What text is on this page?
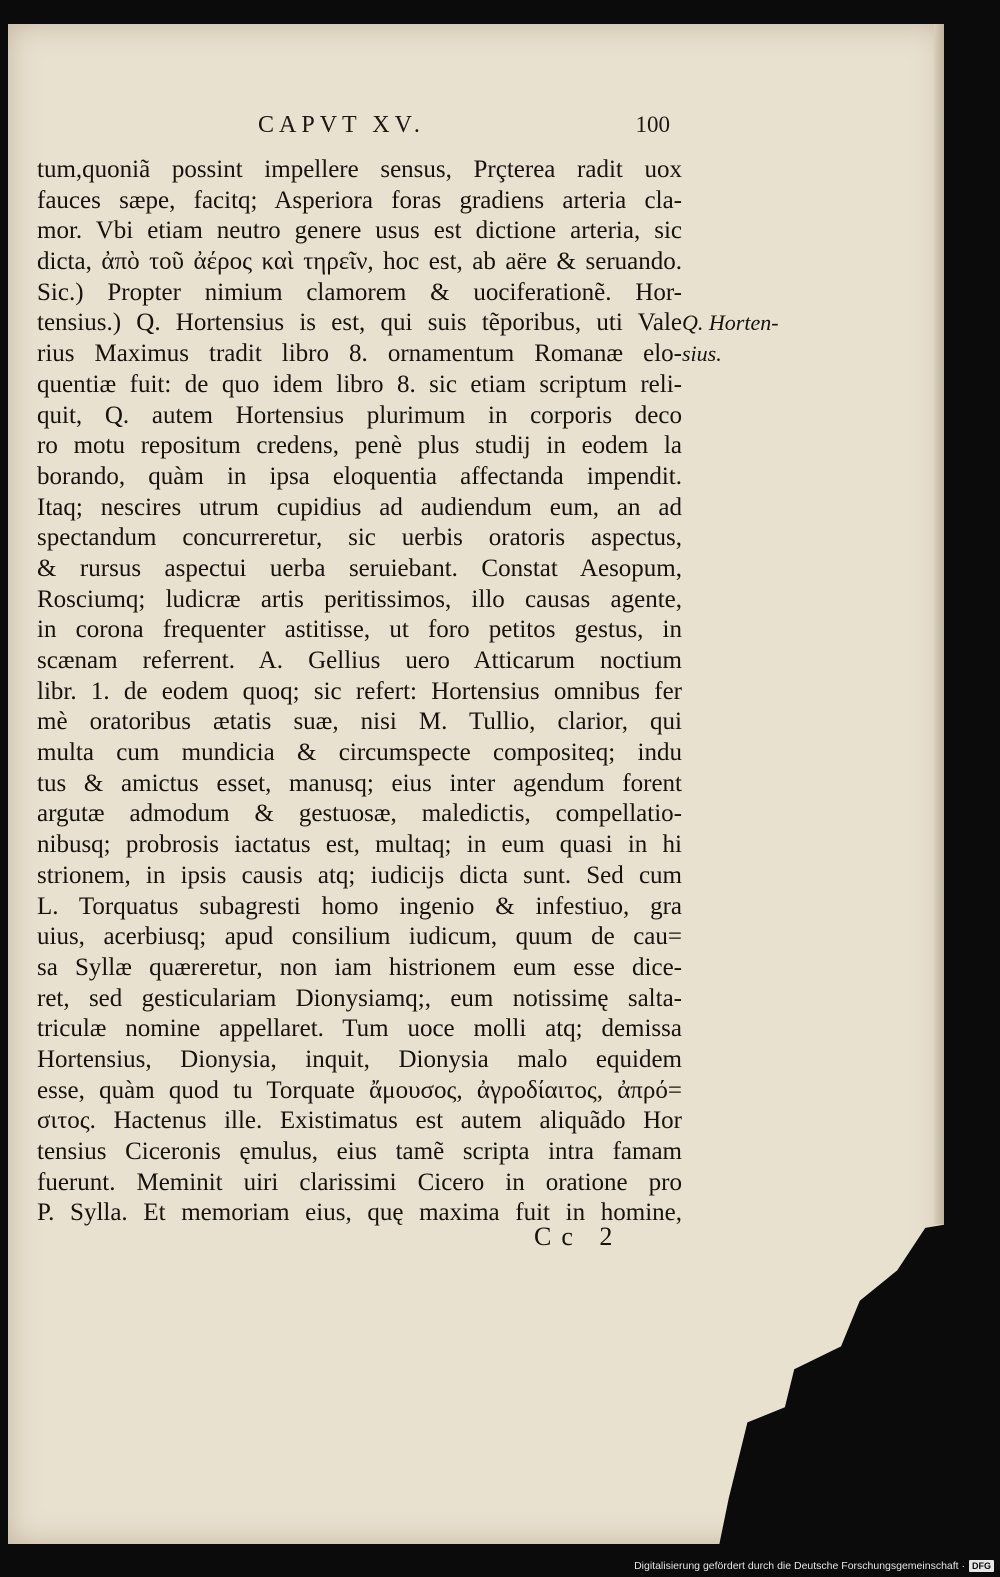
CAPVT XV.	100
tum,quoniã possint impellere sensus, Prçterea radit uox
fauces sæpe, facitq; Asperiora foras gradiens arteria cla-
mor. Vbi etiam neutro genere usus est dictione arteria, sic
dicta, ἀπὸ τοῦ ἀέρος καὶ τηρεῖν, hoc est, ab aëre & seruando.
Sic.) Propter nimium clamorem & uociferationẽ. Hor-
tensius.) Q. Hortensius is est, qui suis tẽporibus, uti Vale
rius Maximus tradit libro 8. ornamentum Romanæ elo-
quentiæ fuit: de quo idem libro 8. sic etiam scriptum reli-
quit, Q. autem Hortensius plurimum in corporis deco
ro motu repositum credens, penè plus studij in eodem la
borando, quàm in ipsa eloquentia affectanda impendit.
Itaq; nescires utrum cupidius ad audiendum eum, an ad
spectandum concurreretur, sic uerbis oratoris aspectus,
& rursus aspectui uerba seruiebant. Constat Aesopum,
Rosciumq; ludicræ artis peritissimos, illo causas agente,
in corona frequenter astitisse, ut foro petitos gestus, in
scænam referrent. A. Gellius uero Atticarum noctium
libr. 1. de eodem quoq; sic refert: Hortensius omnibus fer
mè oratoribus ætatis suæ, nisi M. Tullio, clarior, qui
multa cum mundicia & circumspecte compositeq; indu
tus & amictus esset, manusq; eius inter agendum forent
argutæ admodum & gestuosæ, maledictis, compellatio-
nibusq; probrosis iactatus est, multaq; in eum quasi in hi
strionem, in ipsis causis atq; iudicijs dicta sunt. Sed cum
L. Torquatus subagresti homo ingenio & infestiuo, gra
uius, acerbiusq; apud consilium iudicum, quum de cau=
sa Syllæ quæreretur, non iam histrionem eum esse dice-
ret, sed gesticulariam Dionysiamq;, eum notissimę salta-
triculæ nomine appellaret. Tum uoce molli atq; demissa
Hortensius, Dionysia, inquit, Dionysia malo equidem
esse, quàm quod tu Torquate ἄμουσος, ἀγροδίαιτος, ἀπρό=
σιτος. Hactenus ille. Existimatus est autem aliquãdo Hor
tensius Ciceronis ęmulus, eius tamẽ scripta intra famam
fuerunt. Meminit uiri clarissimi Cicero in oratione pro
P. Sylla. Et memoriam eius, quę maxima fuit in homine,
Q. Horten-
sius.
Cc 2
Digitalisierung gefördert durch die Deutsche Forschungsgemeinschaft · DFG
